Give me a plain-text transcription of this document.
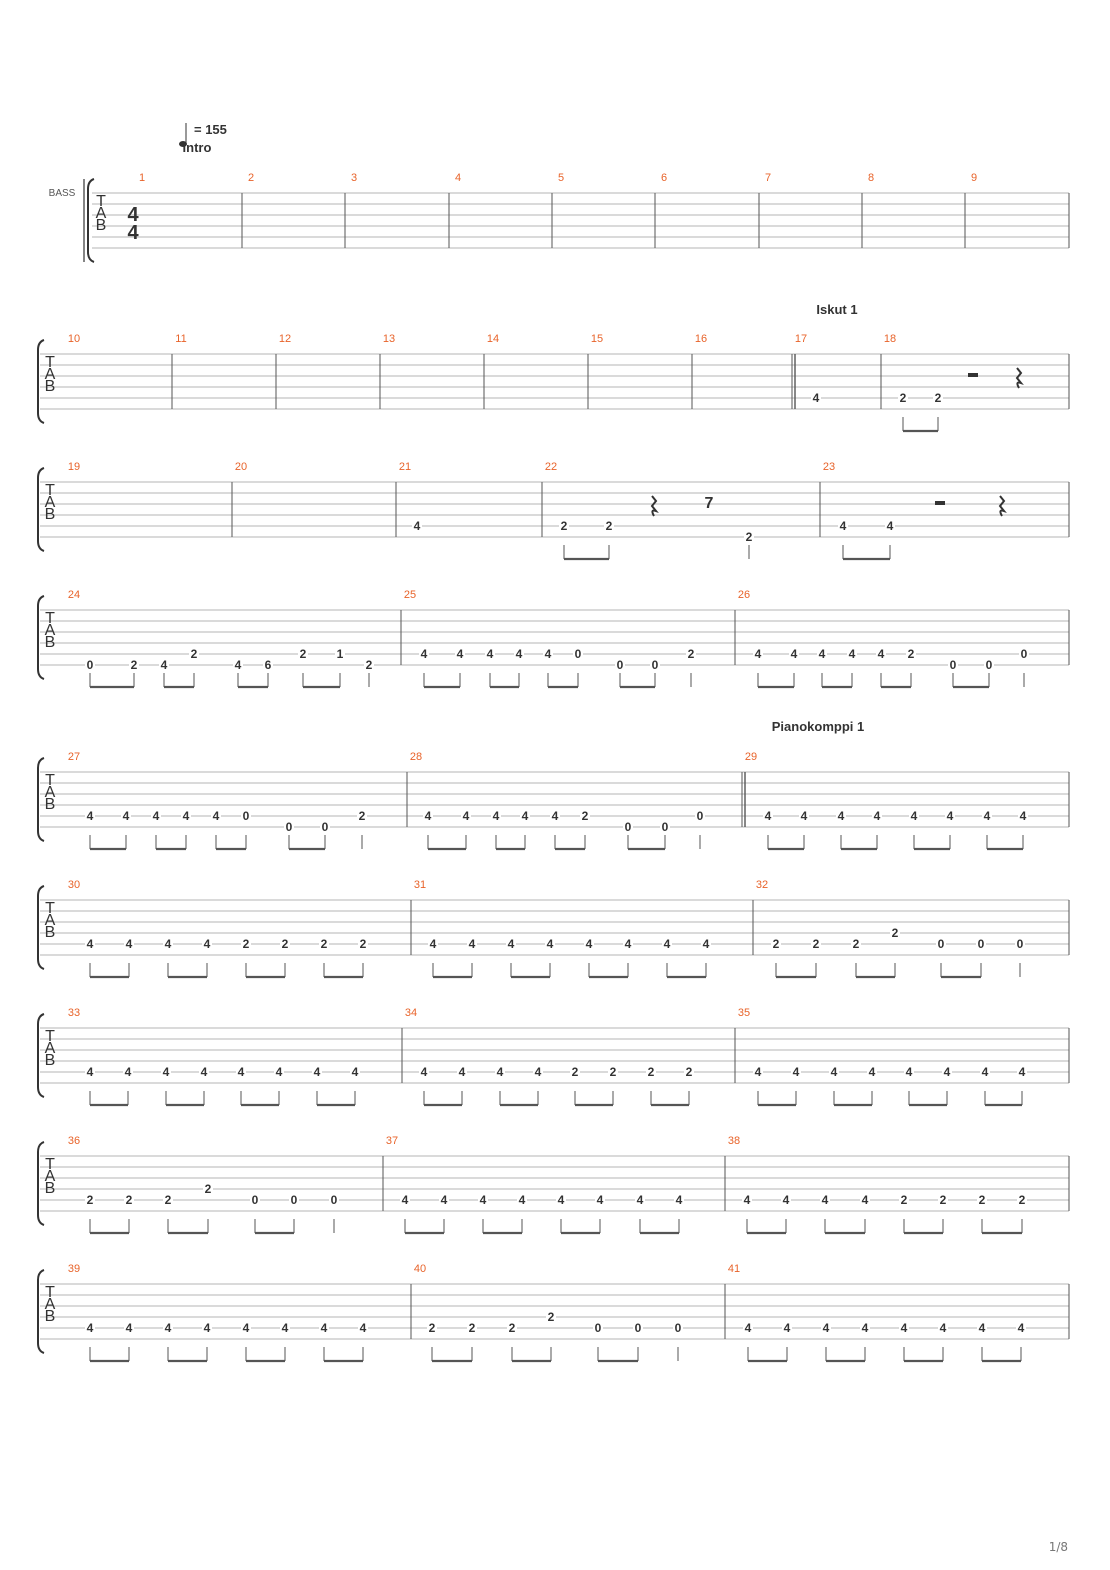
= 155
BASS T
A
B 4
4
1	2	3	4	5	6	7	8	9
T
A
B
10	11	12	13	14	15	16	17
4
18
2 2
T
A
B
19	20	21
4
22
2	2
2
23
4	4
T
A
B
24
0	2 4
2
4 6
2	1
2
25
4 4 4 4 4 0
0 0
2
26
4 4 4 4 4 2
0 0
0
T
A
B
27
4 4 4 4 4 0
0 0
2
28
4	4 4 4 4 2
0	0
0
29
4 4	4 4	4 4	4 4
T
A
B
30
4	4	4	4	2	2	2	2
31
4	4	4	4	4	4	4	4
32
2	2	2
2
0	0	0
T
A
B
33
4	4	4	4	4	4	4	4
34
4	4	4	4	2	2	2	2
35
4	4	4	4	4	4	4	4
T
A
B
36
2	2	2
2
0	0	0
37
4	4	4	4	4	4	4	4
38
4	4	4	4	2	2	2	2
T
A
B
39
4	4	4	4	4	4	4	4
40
2	2	2
2
0	0	0
41
4	4	4	4	4	4	4	4
7
Intro
Iskut 1
Pianokomppi 1
1/8
